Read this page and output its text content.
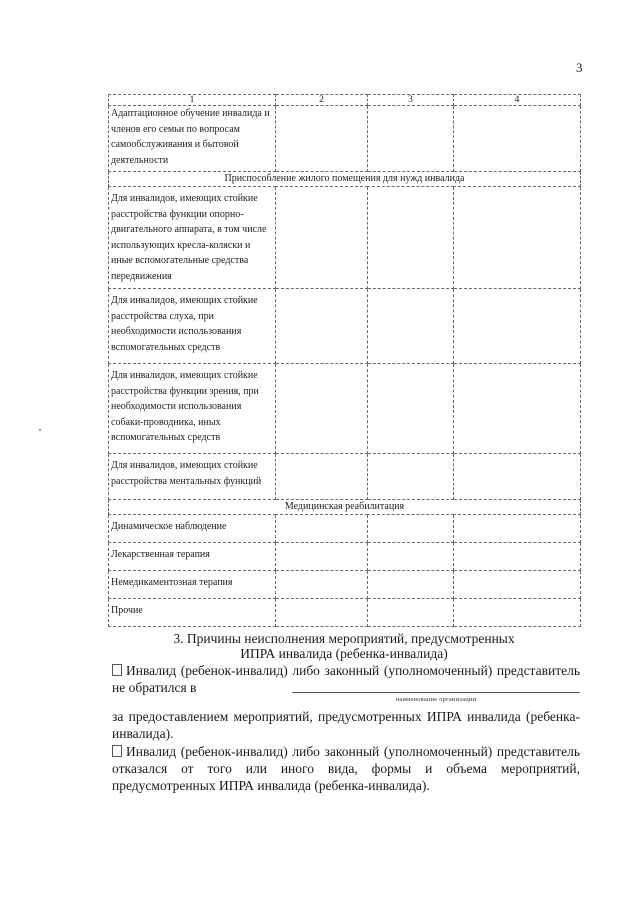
3
1	2	3	4

Адаптационное обучение инвалида и членов его семьи по вопросам самообслуживания и бытовой деятельности			

Приспособление жилого помещения для нужд инвалида			

Для инвалидов, имеющих стойкие расстройства функции опорно-двигательного аппарата, в том числе использующих кресла-коляски и иные вспомогательные средства передвижения			

Для инвалидов, имеющих стойкие расстройства слуха, при необходимости использования вспомогательных средств			

Для инвалидов, имеющих стойкие расстройства функции зрения, при необходимости использования собаки-проводника, иных вспомогательных средств			

Для инвалидов, имеющих стойкие расстройства ментальных функций			

Медицинская реабилитация			

Динамическое наблюдение			

Лекарственная терапия			

Немедикаментозная терапия			

Прочие			

3. Причины неисполнения мероприятий, предусмотренных
ИПРА инвалида (ребенка-инвалида)
Инвалид (ребенок-инвалид) либо законный (уполномоченный) представитель не обратился в
наименование организации
за предоставлением мероприятий, предусмотренных ИПРА инвалида (ребенка-инвалида).
Инвалид (ребенок-инвалид) либо законный (уполномоченный) представитель отказался от того или иного вида, формы и объема мероприятий, предусмотренных ИПРА инвалида (ребенка-инвалида).
